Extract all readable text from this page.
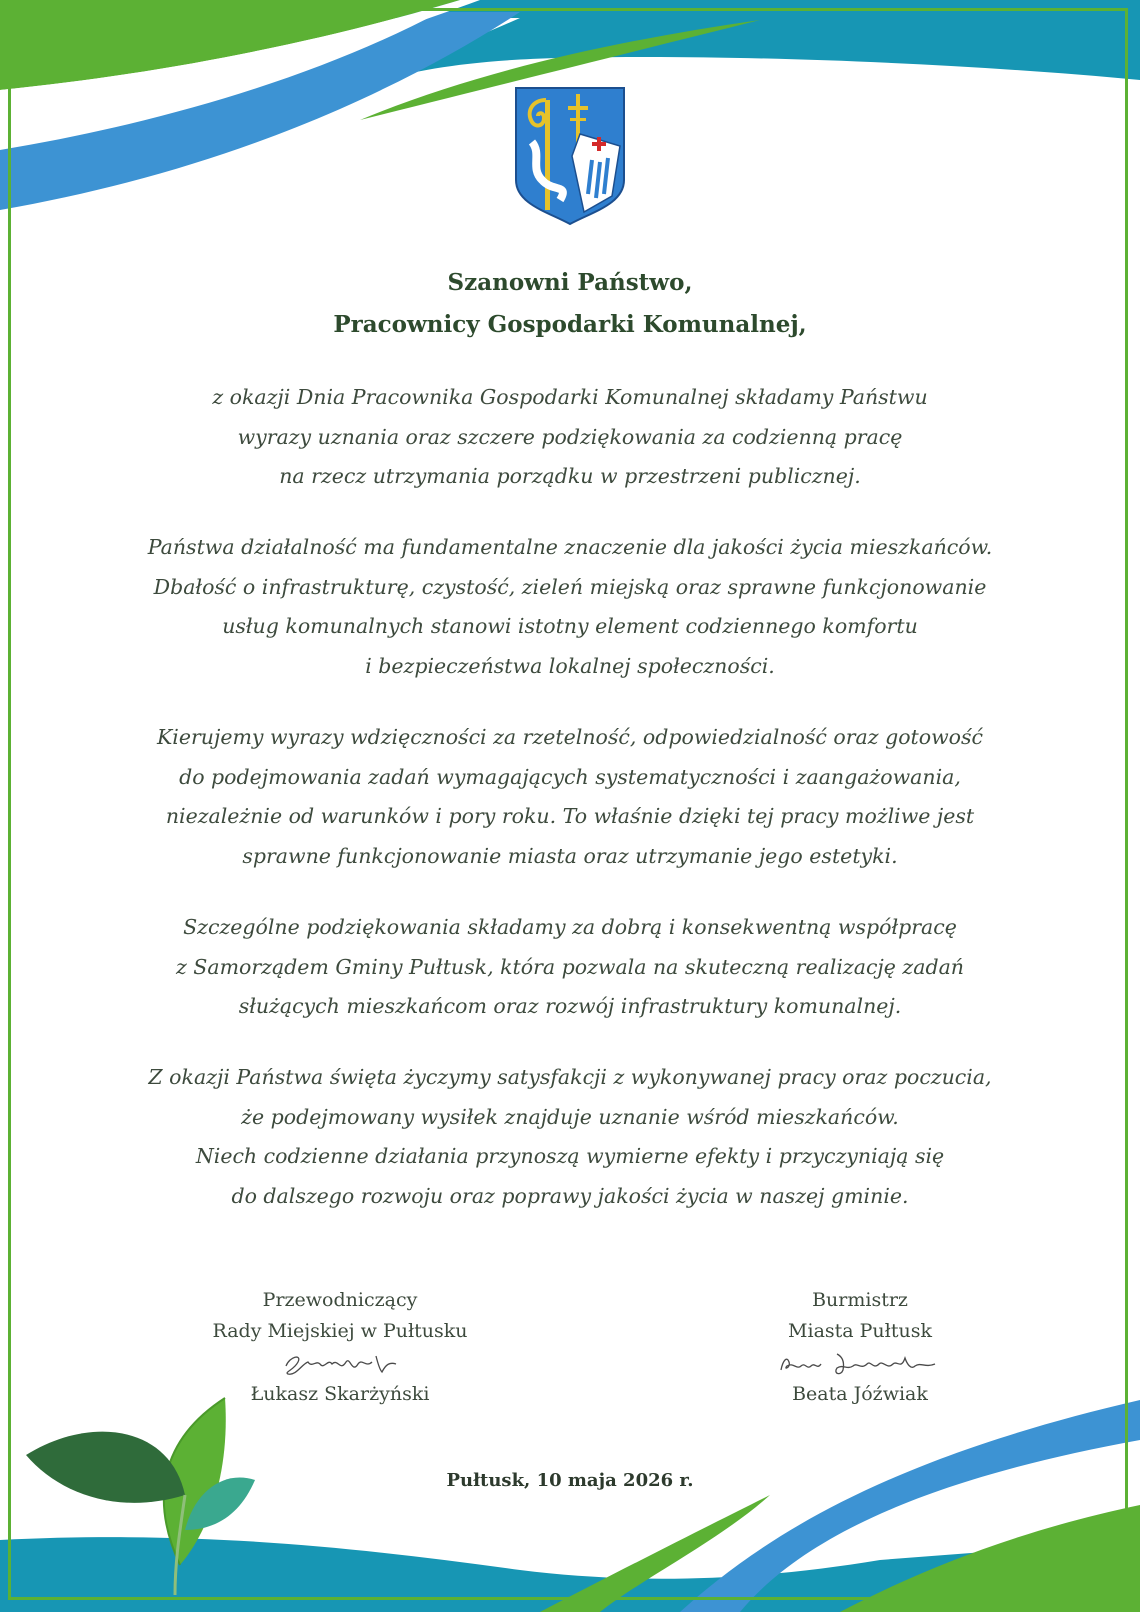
Szanowni Państwo,
Pracownicy Gospodarki Komunalnej,
z okazji Dnia Pracownika Gospodarki Komunalnej składamy Państwu
wyrazy uznania oraz szczere podziękowania za codzienną pracę
na rzecz utrzymania porządku w przestrzeni publicznej.
Państwa działalność ma fundamentalne znaczenie dla jakości życia mieszkańców.
Dbałość o infrastrukturę, czystość, zieleń miejską oraz sprawne funkcjonowanie
usług komunalnych stanowi istotny element codziennego komfortu
i bezpieczeństwa lokalnej społeczności.
Kierujemy wyrazy wdzięczności za rzetelność, odpowiedzialność oraz gotowość
do podejmowania zadań wymagających systematyczności i zaangażowania,
niezależnie od warunków i pory roku. To właśnie dzięki tej pracy możliwe jest
sprawne funkcjonowanie miasta oraz utrzymanie jego estetyki.
Szczególne podziękowania składamy za dobrą i konsekwentną współpracę
z Samorządem Gminy Pułtusk, która pozwala na skuteczną realizację zadań
służących mieszkańcom oraz rozwój infrastruktury komunalnej.
Z okazji Państwa święta życzymy satysfakcji z wykonywanej pracy oraz poczucia,
że podejmowany wysiłek znajduje uznanie wśród mieszkańców.
Niech codzienne działania przynoszą wymierne efekty i przyczyniają się
do dalszego rozwoju oraz poprawy jakości życia w naszej gminie.
Przewodniczący
Rady Miejskiej w Pułtusku
Łukasz Skarżyński
Burmistrz
Miasta Pułtusk
Beata Jóźwiak
Pułtusk, 10 maja 2026 r.
